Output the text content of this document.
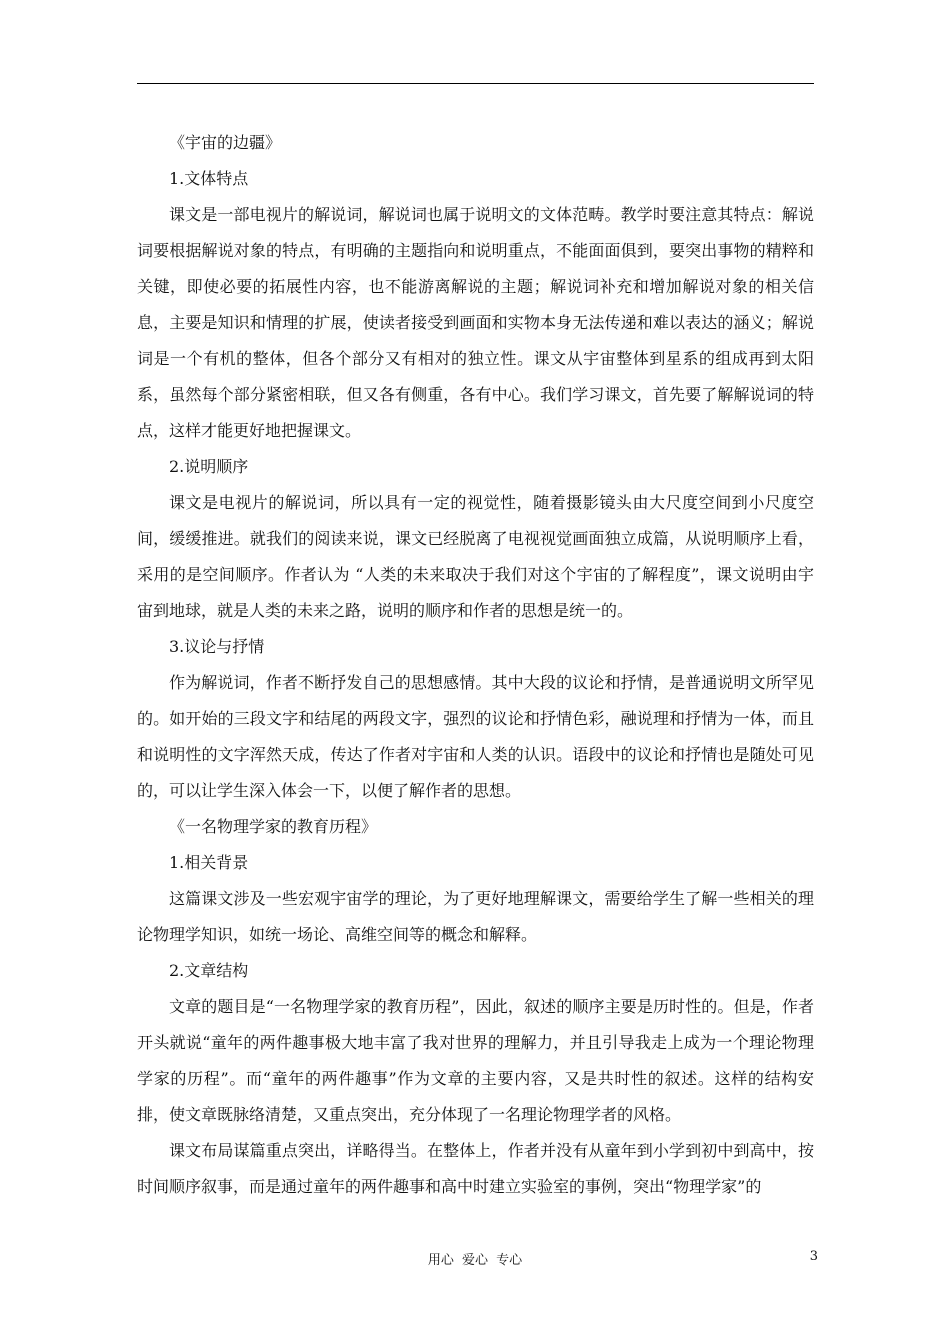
《宇宙的边疆》

1.文体特点

课文是一部电视片的解说词，解说词也属于说明文的文体范畴。教学时要注意其特点：解说词要根据解说对象的特点，有明确的主题指向和说明重点，不能面面俱到，要突出事物的精粹和关键，即使必要的拓展性内容，也不能游离解说的主题；解说词补充和增加解说对象的相关信息，主要是知识和情理的扩展，使读者接受到画面和实物本身无法传递和难以表达的涵义；解说词是一个有机的整体，但各个部分又有相对的独立性。课文从宇宙整体到星系的组成再到太阳系，虽然每个部分紧密相联，但又各有侧重，各有中心。我们学习课文，首先要了解解说词的特点，这样才能更好地把握课文。

2.说明顺序

课文是电视片的解说词，所以具有一定的视觉性，随着摄影镜头由大尺度空间到小尺度空间，缓缓推进。就我们的阅读来说，课文已经脱离了电视视觉画面独立成篇，从说明顺序上看，采用的是空间顺序。作者认为 “人类的未来取决于我们对这个宇宙的了解程度”，课文说明由宇宙到地球，就是人类的未来之路，说明的顺序和作者的思想是统一的。

3.议论与抒情

作为解说词，作者不断抒发自己的思想感情。其中大段的议论和抒情，是普通说明文所罕见的。如开始的三段文字和结尾的两段文字，强烈的议论和抒情色彩，融说理和抒情为一体，而且和说明性的文字浑然天成，传达了作者对宇宙和人类的认识。语段中的议论和抒情也是随处可见的，可以让学生深入体会一下，以便了解作者的思想。

《一名物理学家的教育历程》

1.相关背景

这篇课文涉及一些宏观宇宙学的理论，为了更好地理解课文，需要给学生了解一些相关的理论物理学知识，如统一场论、高维空间等的概念和解释。

2.文章结构

文章的题目是“一名物理学家的教育历程”，因此，叙述的顺序主要是历时性的。但是，作者开头就说“童年的两件趣事极大地丰富了我对世界的理解力，并且引导我走上成为一个理论物理学家的历程”。而“童年的两件趣事”作为文章的主要内容，又是共时性的叙述。这样的结构安排，使文章既脉络清楚，又重点突出，充分体现了一名理论物理学者的风格。

课文布局谋篇重点突出，详略得当。在整体上，作者并没有从童年到小学到初中到高中，按时间顺序叙事，而是通过童年的两件趣事和高中时建立实验室的事例，突出“物理学家”的

用心 爱心 专心	3
